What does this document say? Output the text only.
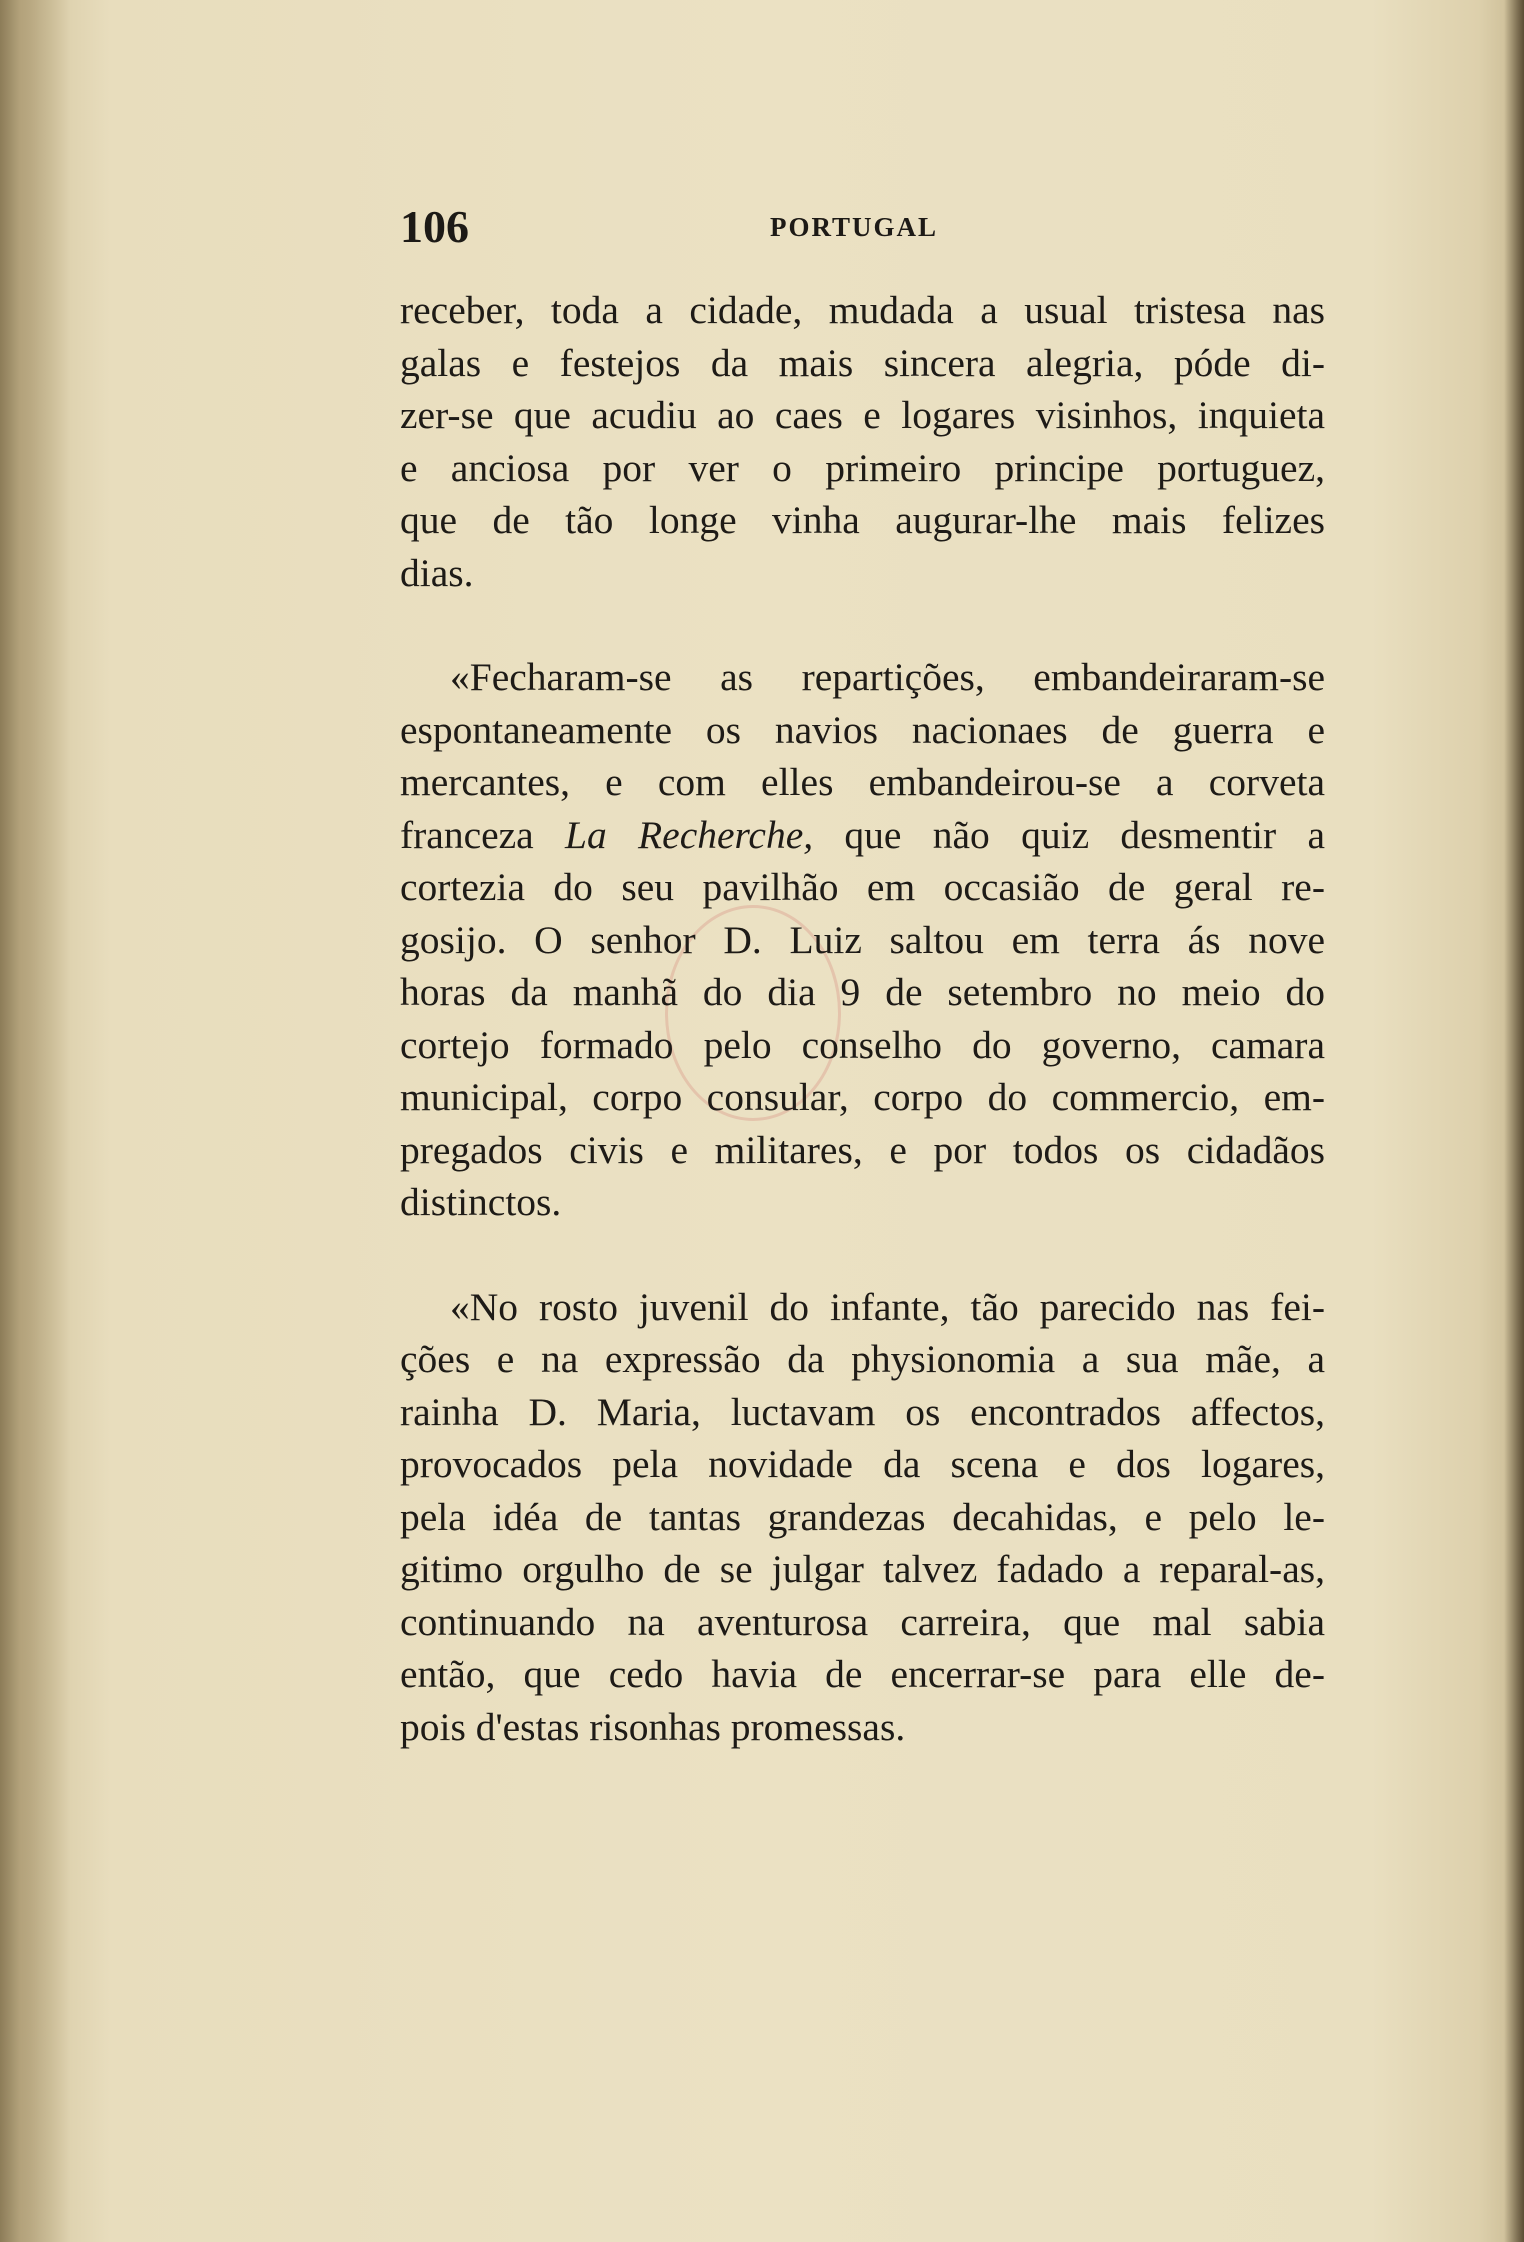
106	PORTUGAL
receber, toda a cidade, mudada a usual tristesa nas
galas e festejos da mais sincera alegria, póde di-
zer-se que acudiu ao caes e logares visinhos, inquieta
e anciosa por ver o primeiro principe portuguez,
que de tão longe vinha augurar-lhe mais felizes
dias.
«Fecharam-se as repartições, embandeiraram-se
espontaneamente os navios nacionaes de guerra e
mercantes, e com elles embandeirou-se a corveta
franceza La Recherche, que não quiz desmentir a
cortezia do seu pavilhão em occasião de geral re-
gosijo. O senhor D. Luiz saltou em terra ás nove
horas da manhã do dia 9 de setembro no meio do
cortejo formado pelo conselho do governo, camara
municipal, corpo consular, corpo do commercio, em-
pregados civis e militares, e por todos os cidadãos
distinctos.
«No rosto juvenil do infante, tão parecido nas fei-
ções e na expressão da physionomia a sua mãe, a
rainha D. Maria, luctavam os encontrados affectos,
provocados pela novidade da scena e dos logares,
pela idéa de tantas grandezas decahidas, e pelo le-
gitimo orgulho de se julgar talvez fadado a reparal-as,
continuando na aventurosa carreira, que mal sabia
então, que cedo havia de encerrar-se para elle de-
pois d'estas risonhas promessas.
